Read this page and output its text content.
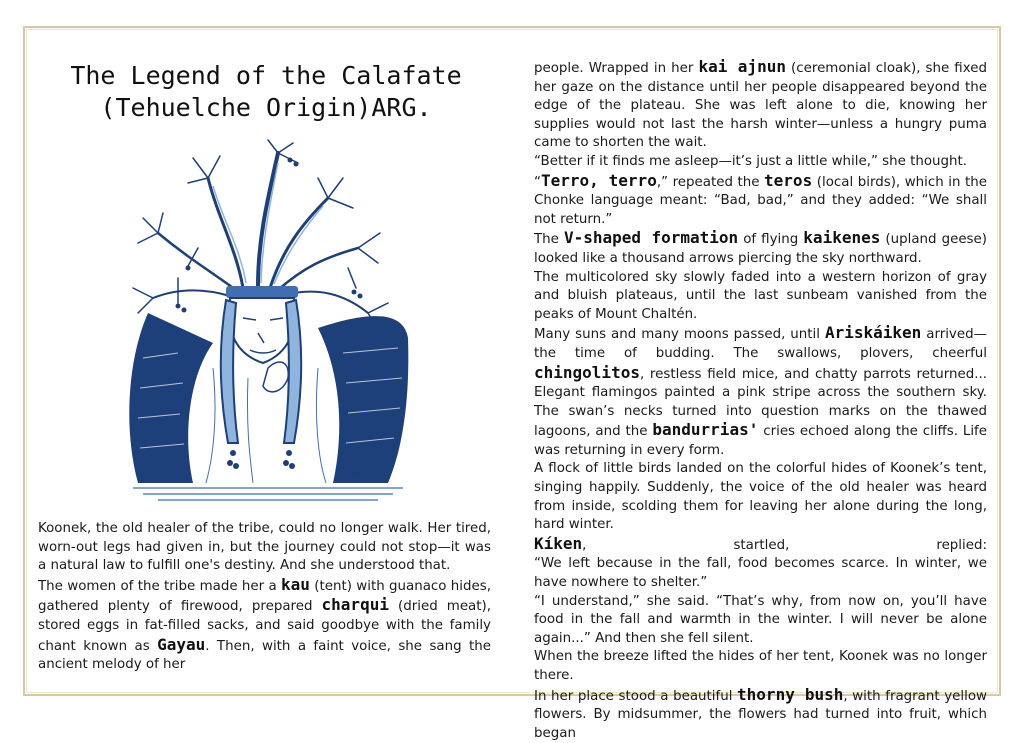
The Legend of the Calafate
(Tehuelche Origin)ARG.
Edú

Koonek, the old healer of the tribe, could no longer walk. Her tired, worn-out legs had given in, but the journey could not stop—it was a natural law to fulfill one's destiny. And she understood that.

The women of the tribe made her a kau (tent) with guanaco hides, gathered plenty of firewood, prepared charqui (dried meat), stored eggs in fat-filled sacks, and said goodbye with the family chant known as Gayau. Then, with a faint voice, she sang the ancient melody of her

people. Wrapped in her kai ajnun (ceremonial cloak), she fixed her gaze on the distance until her people disappeared beyond the edge of the plateau. She was left alone to die, knowing her supplies would not last the harsh winter—unless a hungry puma came to shorten the wait.

“Better if it finds me asleep—it’s just a little while,” she thought.

“Terro, terro,” repeated the teros (local birds), which in the Chonke language meant: “Bad, bad,” and they added: “We shall not return.”

The V-shaped formation of flying kaikenes (upland geese) looked like a thousand arrows piercing the sky northward.

The multicolored sky slowly faded into a western horizon of gray and bluish plateaus, until the last sunbeam vanished from the peaks of Mount Chaltén.

Many suns and many moons passed, until Ariskáiken arrived—the time of budding. The swallows, plovers, cheerful chingolitos, restless field mice, and chatty parrots returned... Elegant flamingos painted a pink stripe across the southern sky. The swan’s necks turned into question marks on the thawed lagoons, and the bandurrias' cries echoed along the cliffs. Life was returning in every form.

A flock of little birds landed on the colorful hides of Koonek’s tent, singing happily. Suddenly, the voice of the old healer was heard from inside, scolding them for leaving her alone during the long, hard winter.

Kíken, startled, replied:

“We left because in the fall, food becomes scarce. In winter, we have nowhere to shelter.”

“I understand,” she said. “That’s why, from now on, you’ll have food in the fall and warmth in the winter. I will never be alone again...” And then she fell silent.

When the breeze lifted the hides of her tent, Koonek was no longer there.

In her place stood a beautiful thorny bush, with fragrant yellow flowers. By midsummer, the flowers had turned into fruit, which began
